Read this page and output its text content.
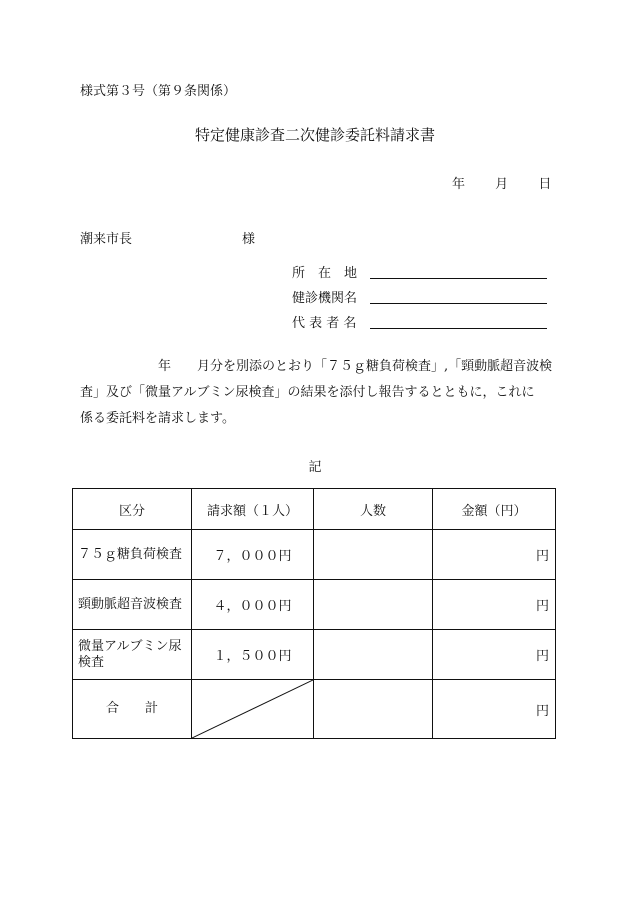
様式第３号（第９条関係）
特定健康診査二次健診委託料請求書
年 月 日
潮来市長	様
所　在　地
健診機関名
代 表 者 名

　　　　　　年　　月分を別添のとおり「７５ｇ糖負荷検査」,「頸動脈超音波検

査」及び「微量アルブミン尿検査」の結果を添付し報告するとともに，これに

係る委託料を請求します。

記
区分	請求額（１人）	人数	金額（円）
７５ｇ糖負荷検査	７，０００円		円
頸動脈超音波検査	４，０００円		円
微量アルブミン尿検査	１，５００円		円
合　　計			円
